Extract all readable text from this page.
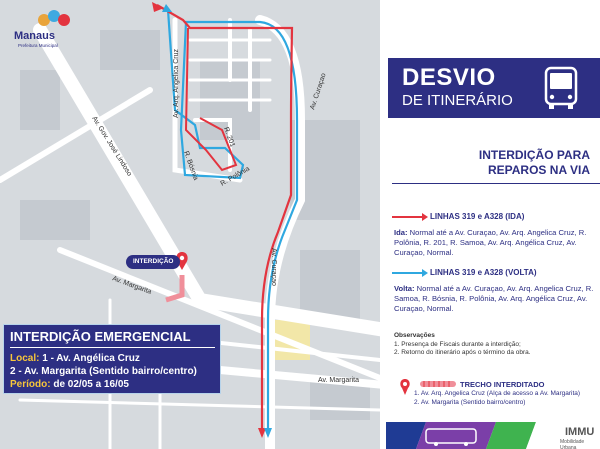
Av. Arq. Angelica Cruz	Av. Curaçao
Av. Curaçao
R. 201
R. Bósnia	R. Polônia
Av. Gov. José Lindoso
Av. Margarita
Av. Margarita
Manaus
Prefeitura Municipal
INTERDIÇÃO
INTERDIÇÃO EMERGENCIAL
Local: 1 - Av. Angélica Cruz
2 - Av. Margarita (Sentido bairro/centro)
Período: de 02/05 a 16/05
DESVIO
DE ITINERÁRIO
INTERDIÇÃO PARA REPAROS NA VIA
LINHAS 319 e A328 (IDA)
Ida: Normal até a Av. Curaçao, Av. Arq. Angelica Cruz, R. Polônia, R. 201, R. Samoa, Av. Arq. Angélica Cruz, Av. Curaçao, Normal.
LINHAS 319 e A328 (VOLTA)
Volta: Normal até a Av. Curaçao, Av. Arq. Angelica Cruz, R. Samoa, R. Bósnia, R. Polônia, Av. Arq. Angélica Cruz, Av. Curaçao, Normal.
Observações
1. Presença de Fiscais durante a interdição;
2. Retorno do itinerário após o término da obra.
TRECHO INTERDITADO
1. Av. Arq. Angelica Cruz (Alça de acesso a Av. Margarita)
2. Av. Margarita (Sentido bairro/centro)
IMMU
Mobilidade Urbana
